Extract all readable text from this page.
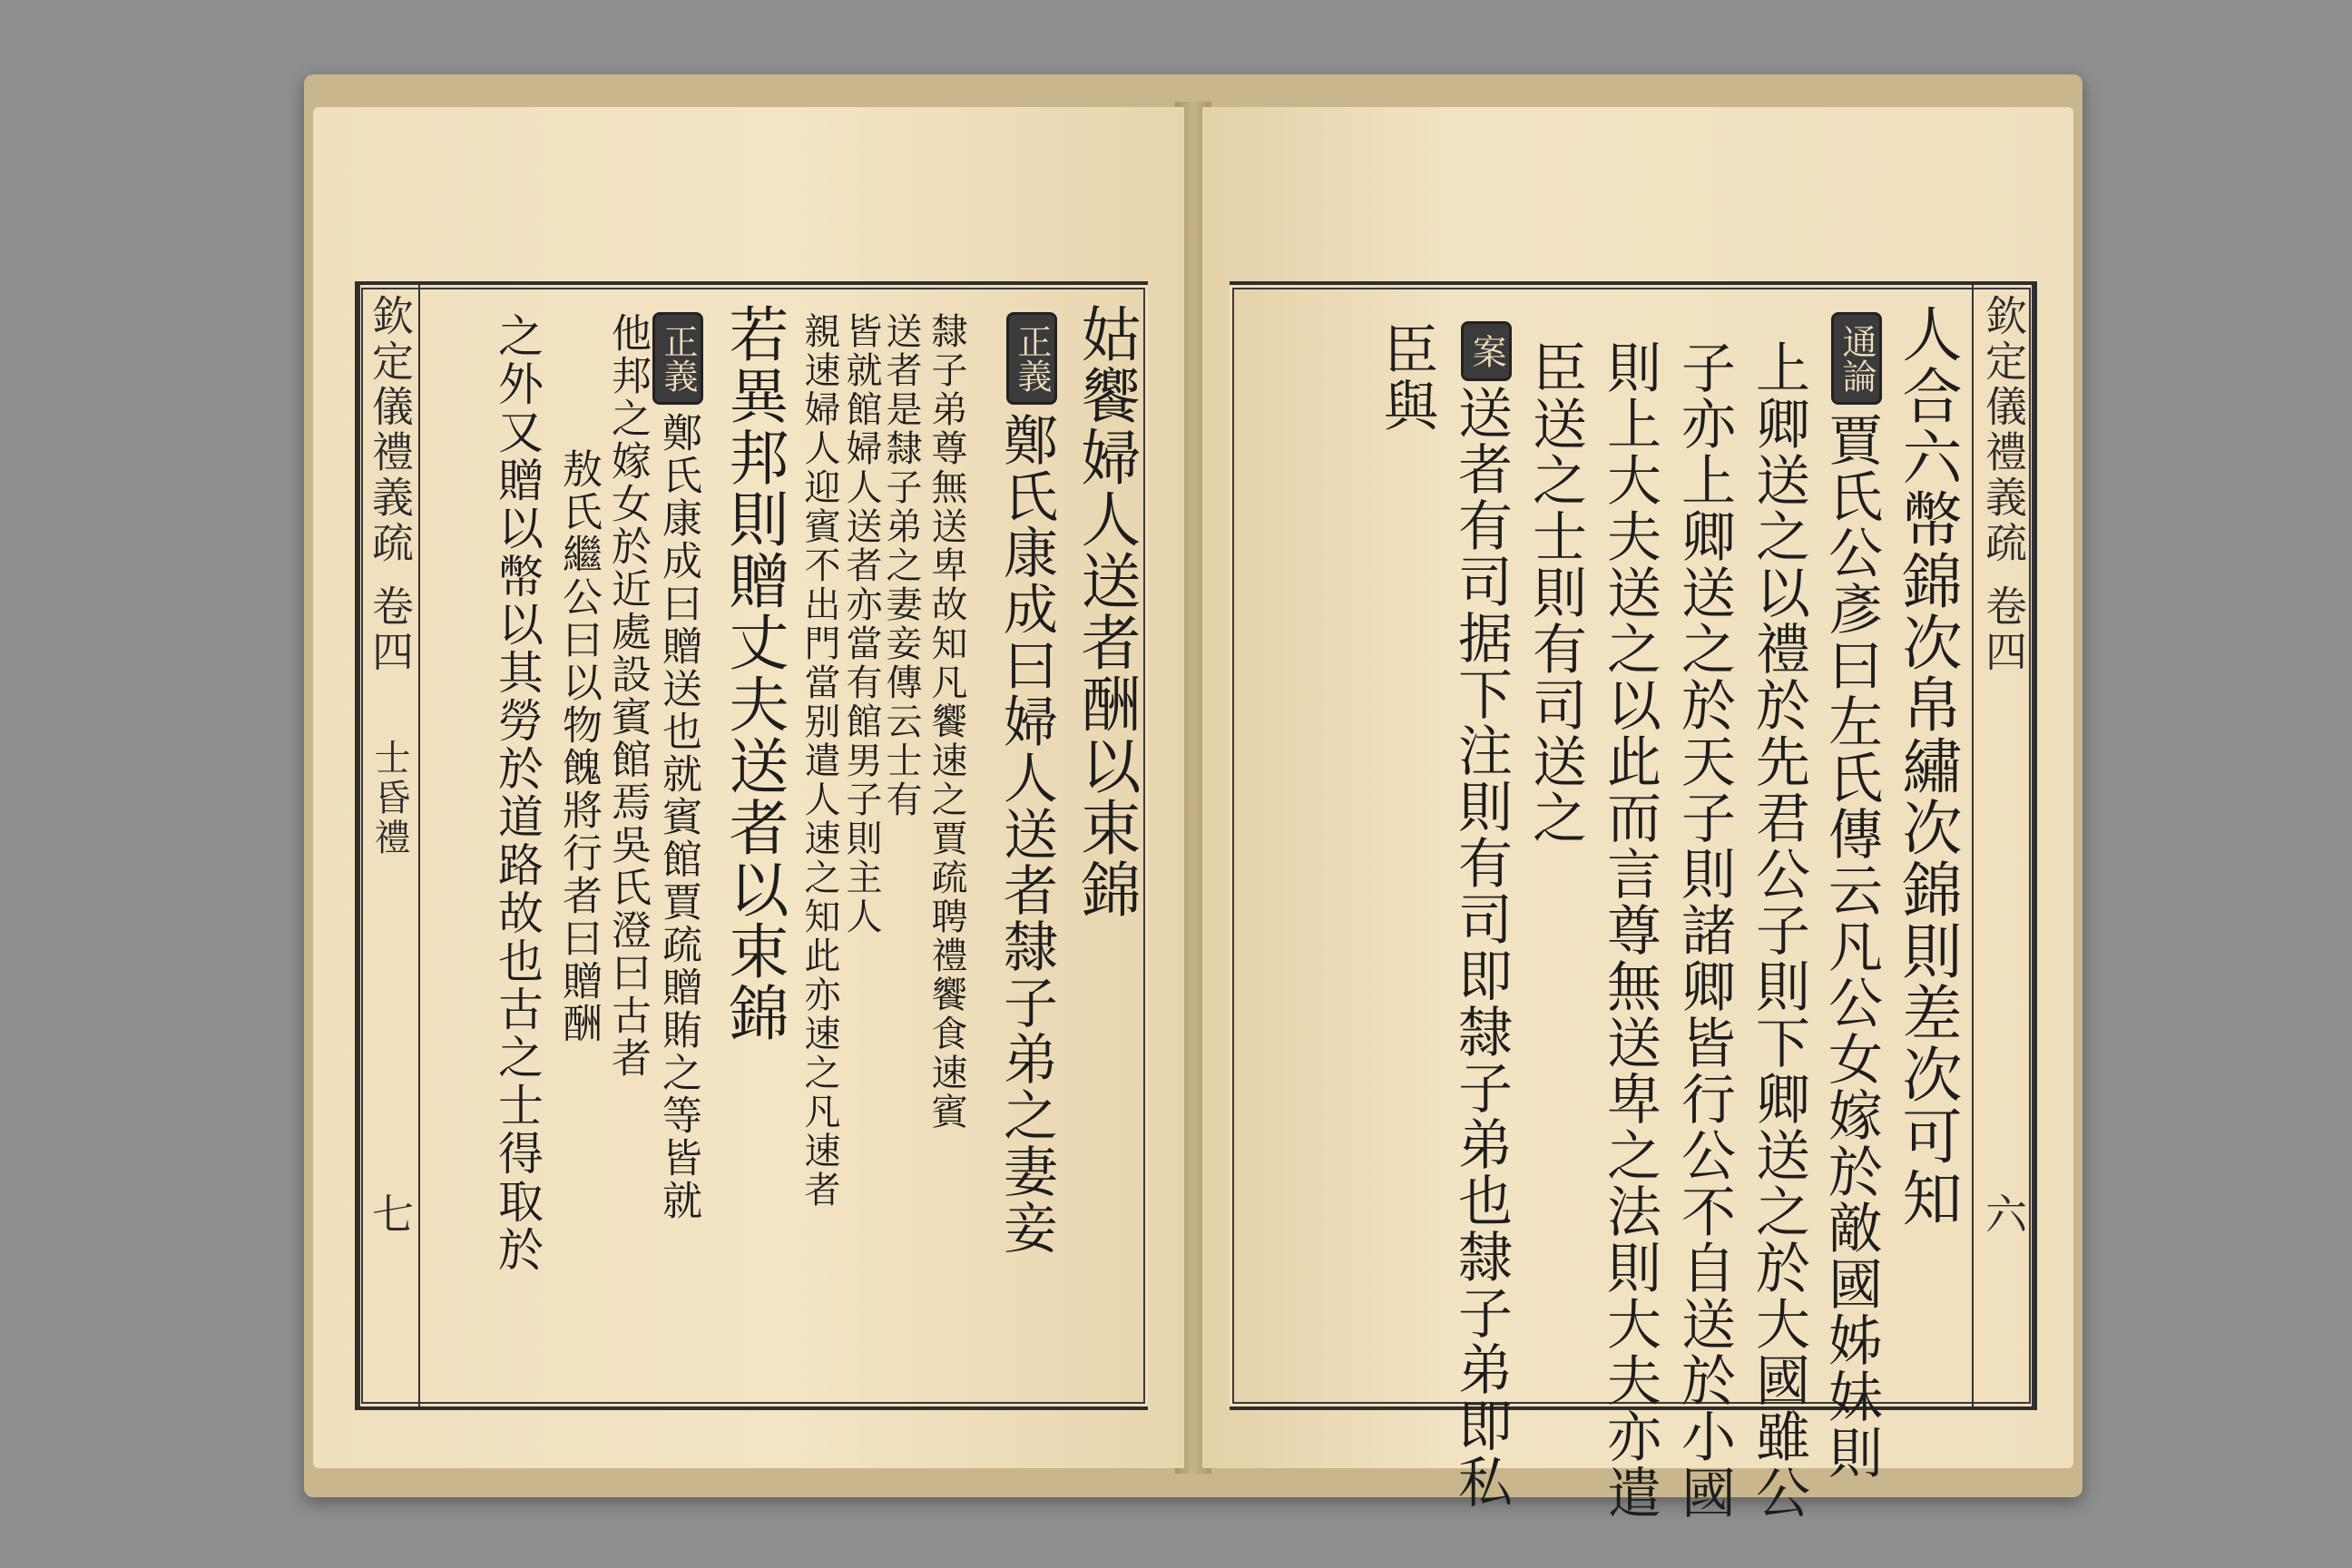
欽定儀禮義疏
卷四
士昏禮
七
姑饗婦人送者酬以束錦
正義
鄭氏康成曰婦人送者隸子弟之妻妾
隸子弟尊無送卑故知凡饗速之賈疏聘禮饗食速賓
送者是隸子弟之妻妾傳云士有
皆就館婦人送者亦當有館男子則主人
親速婦人迎賓不出門當别遣人速之知此亦速之凡速者
若異邦則贈丈夫送者以束錦
正義
鄭氏康成曰贈送也就賓館賈疏贈賄之等皆就
他邦之嫁女於近處設賓館焉吳氏澄曰古者
敖氏繼公曰以物餽將行者曰贈酬
之外又贈以幣以其勞於道路故也古之士得取於	欽定儀禮義疏
卷四
六
人合六幣錦次帛繡次錦則差次可知
通論
賈氏公彥曰左氏傳云凡公女嫁於敵國姊妹則
上卿送之以禮於先君公子則下卿送之於大國雖公
子亦上卿送之於天子則諸卿皆行公不自送於小國
則上大夫送之以此而言尊無送卑之法則大夫亦遣
臣送之士則有司送之
案
送者有司据下注則有司即隸子弟也隸子弟即私
臣與
